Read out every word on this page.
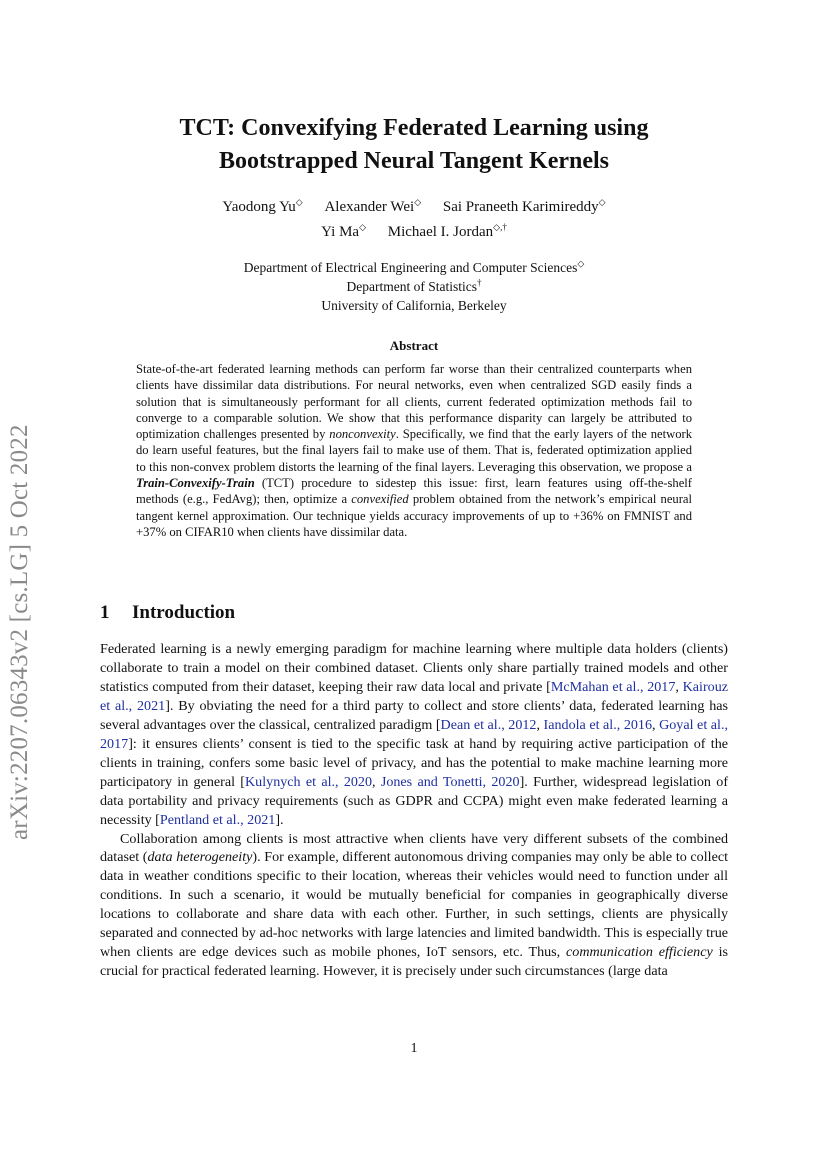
arXiv:2207.06343v2 [cs.LG] 5 Oct 2022
TCT: Convexifying Federated Learning using
Bootstrapped Neural Tangent Kernels
Yaodong Yu◇ Alexander Wei◇ Sai Praneeth Karimireddy◇
Yi Ma◇ Michael I. Jordan◇,†
Department of Electrical Engineering and Computer Sciences◇
Department of Statistics†
University of California, Berkeley
Abstract
State-of-the-art federated learning methods can perform far worse than their centralized counterparts when clients have dissimilar data distributions. For neural networks, even when centralized SGD easily finds a solution that is simultaneously performant for all clients, current federated optimization methods fail to converge to a comparable solution. We show that this performance disparity can largely be attributed to optimization challenges presented by nonconvexity. Specifically, we find that the early layers of the network do learn useful features, but the final layers fail to make use of them. That is, federated optimization applied to this non-convex problem distorts the learning of the final layers. Leveraging this observation, we propose a Train-Convexify-Train (TCT) procedure to sidestep this issue: first, learn features using off-the-shelf methods (e.g., FedAvg); then, optimize a convexified problem obtained from the network’s empirical neural tangent kernel approximation. Our technique yields accuracy improvements of up to +36% on FMNIST and +37% on CIFAR10 when clients have dissimilar data.
1 Introduction

Federated learning is a newly emerging paradigm for machine learning where multiple data holders (clients) collaborate to train a model on their combined dataset. Clients only share partially trained models and other statistics computed from their dataset, keeping their raw data local and private [McMahan et al., 2017, Kairouz et al., 2021]. By obviating the need for a third party to collect and store clients’ data, federated learning has several advantages over the classical, centralized paradigm [Dean et al., 2012, Iandola et al., 2016, Goyal et al., 2017]: it ensures clients’ consent is tied to the specific task at hand by requiring active participation of the clients in training, confers some basic level of privacy, and has the potential to make machine learning more participatory in general [Kulynych et al., 2020, Jones and Tonetti, 2020]. Further, widespread legislation of data portability and privacy requirements (such as GDPR and CCPA) might even make federated learning a necessity [Pentland et al., 2021].

Collaboration among clients is most attractive when clients have very different subsets of the combined dataset (data heterogeneity). For example, different autonomous driving companies may only be able to collect data in weather conditions specific to their location, whereas their vehicles would need to function under all conditions. In such a scenario, it would be mutually beneficial for companies in geographically diverse locations to collaborate and share data with each other. Further, in such settings, clients are physically separated and connected by ad-hoc networks with large latencies and limited bandwidth. This is especially true when clients are edge devices such as mobile phones, IoT sensors, etc. Thus, communication efficiency is crucial for practical federated learning. However, it is precisely under such circumstances (large data

1
